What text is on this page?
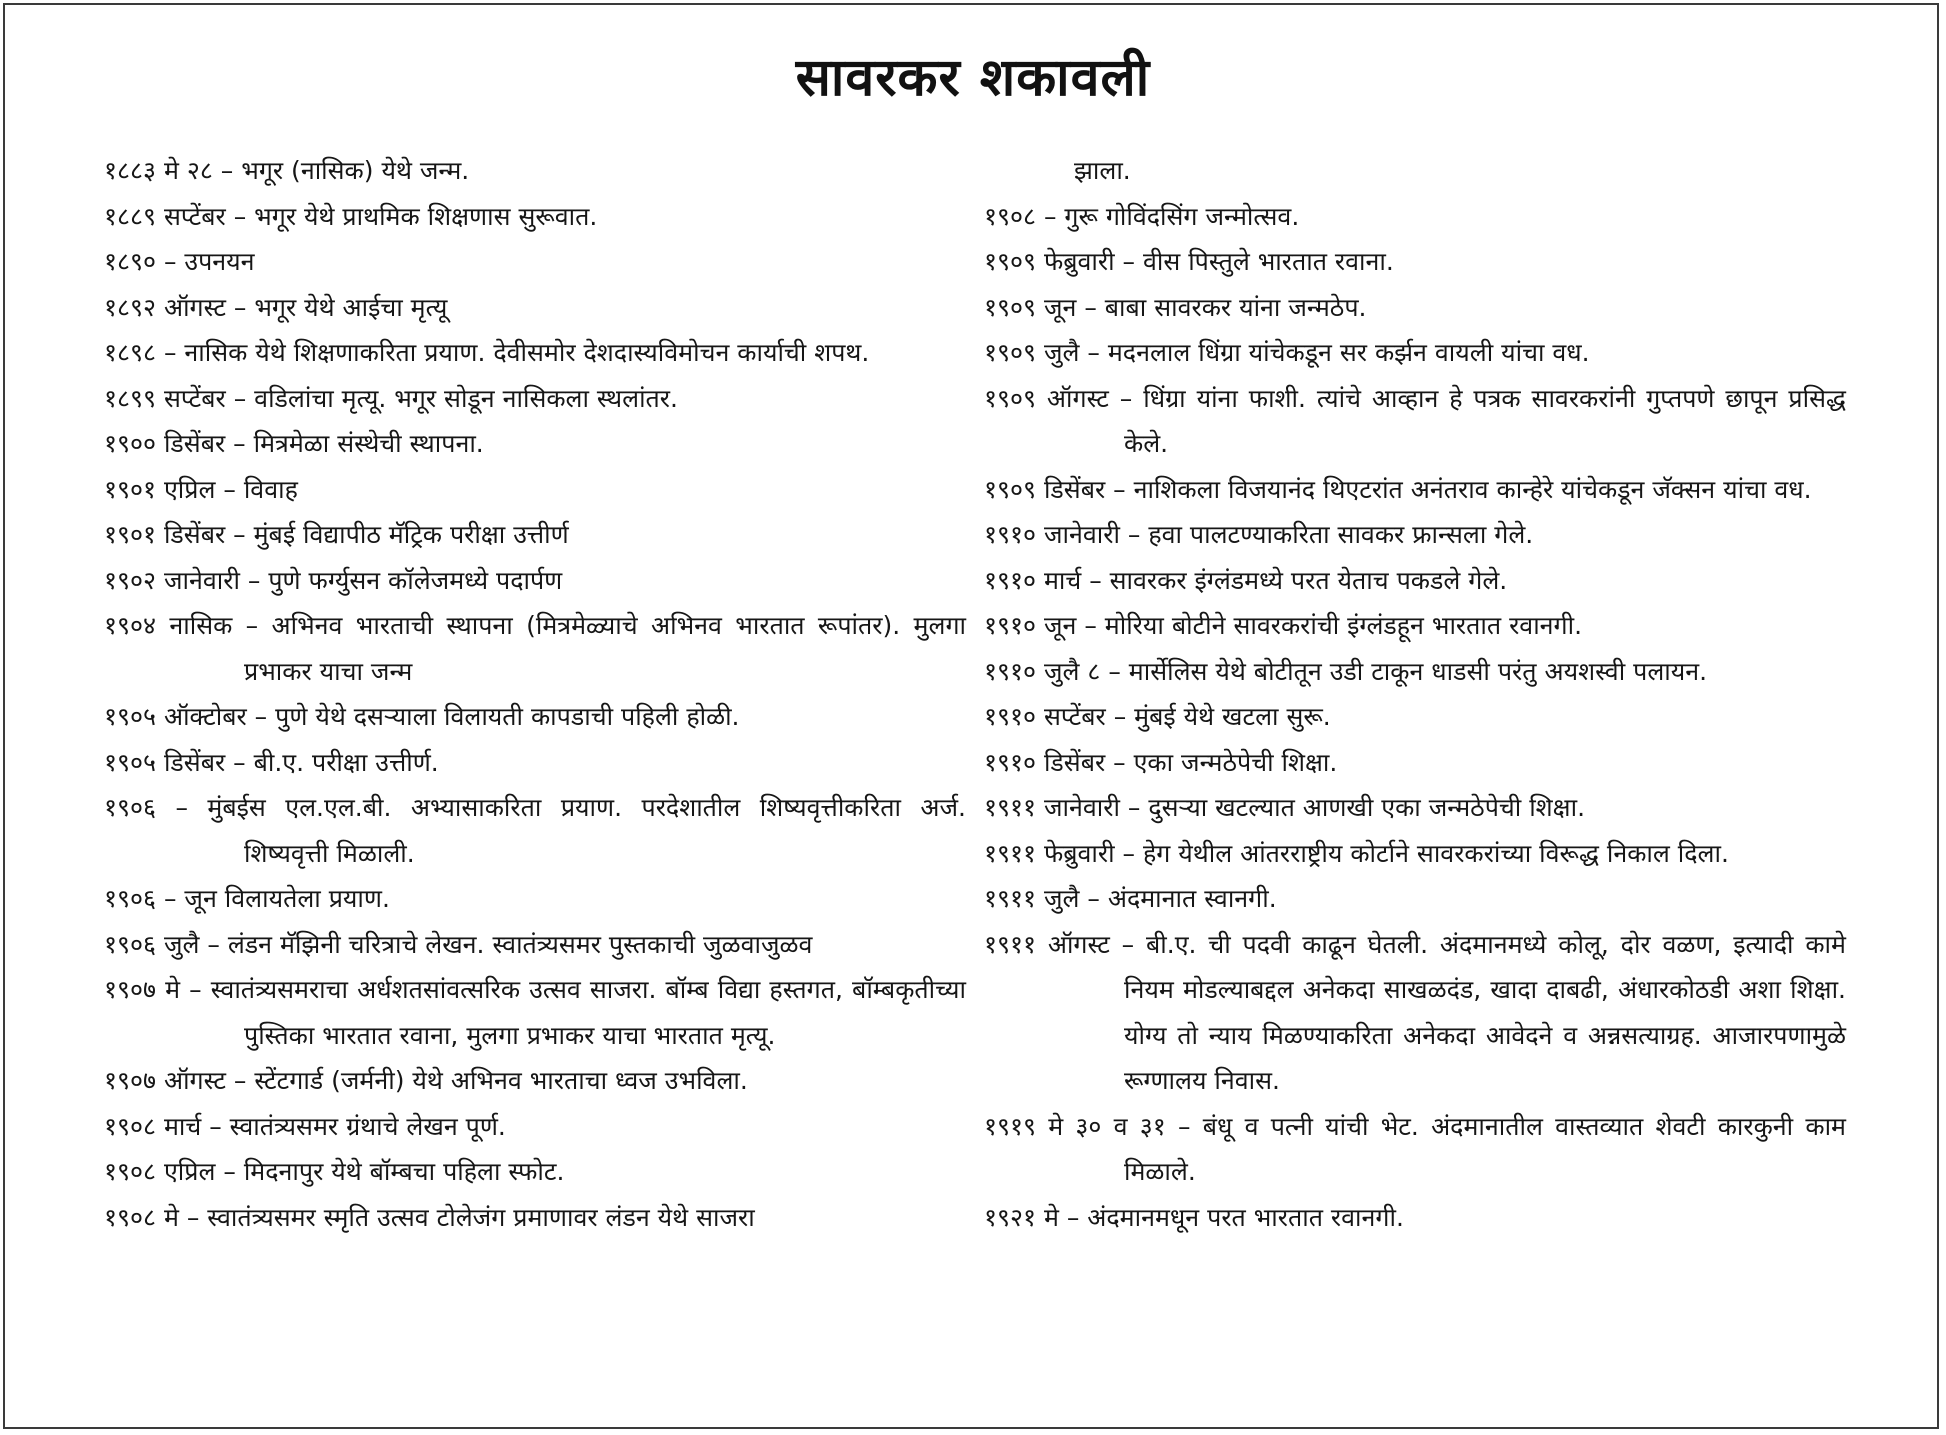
सावरकर शकावली

१८८३ मे २८ – भगूर (नासिक) येथे जन्म.

१८८९ सप्टेंबर – भगूर येथे प्राथमिक शिक्षणास सुरूवात.

१८९० – उपनयन

१८९२ ऑगस्ट – भगूर येथे आईचा मृत्यू

१८९८ – नासिक येथे शिक्षणाकरिता प्रयाण. देवीसमोर देशदास्यविमोचन कार्याची शपथ.

१८९९ सप्टेंबर – वडिलांचा मृत्यू. भगूर सोडून नासिकला स्थलांतर.

१९०० डिसेंबर – मित्रमेळा संस्थेची स्थापना.

१९०१ एप्रिल – विवाह

१९०१ डिसेंबर – मुंबई विद्यापीठ मॅट्रिक परीक्षा उत्तीर्ण

१९०२ जानेवारी – पुणे फर्ग्युसन कॉलेजमध्ये पदार्पण

१९०४ नासिक – अभिनव भारताची स्थापना (मित्रमेळ्याचे अभिनव भारतात रूपांतर). मुलगा प्रभाकर याचा जन्म

१९०५ ऑक्टोबर – पुणे येथे दसऱ्याला विलायती कापडाची पहिली होळी.

१९०५ डिसेंबर – बी.ए. परीक्षा उत्तीर्ण.

१९०६ – मुंबईस एल.एल.बी. अभ्यासाकरिता प्रयाण. परदेशातील शिष्यवृत्तीकरिता अर्ज. शिष्यवृत्ती मिळाली.

१९०६ – जून विलायतेला प्रयाण.

१९०६ जुलै – लंडन मॅझिनी चरित्राचे लेखन. स्वातंत्र्यसमर पुस्तकाची जुळवाजुळव

१९०७ मे – स्वातंत्र्यसमराचा अर्धशतसांवत्सरिक उत्सव साजरा. बॉम्ब विद्या हस्तगत, बॉम्बकृतीच्या पुस्तिका भारतात रवाना, मुलगा प्रभाकर याचा भारतात मृत्यू.

१९०७ ऑगस्ट – स्टेंटगार्ड (जर्मनी) येथे अभिनव भारताचा ध्वज उभविला.

१९०८ मार्च – स्वातंत्र्यसमर ग्रंथाचे लेखन पूर्ण.

१९०८ एप्रिल – मिदनापुर येथे बॉम्बचा पहिला स्फोट.

१९०८ मे – स्वातंत्र्यसमर स्मृति उत्सव टोलेजंग प्रमाणावर लंडन येथे साजरा

झाला.

१९०८ – गुरू गोविंदसिंग जन्मोत्सव.

१९०९ फेब्रुवारी – वीस पिस्तुले भारतात रवाना.

१९०९ जून – बाबा सावरकर यांना जन्मठेप.

१९०९ जुलै – मदनलाल धिंग्रा यांचेकडून सर कर्झन वायली यांचा वध.

१९०९ ऑगस्ट – धिंग्रा यांना फाशी. त्यांचे आव्हान हे पत्रक सावरकरांनी गुप्तपणे छापून प्रसिद्ध केले.

१९०९ डिसेंबर – नाशिकला विजयानंद थिएटरांत अनंतराव कान्हेरे यांचेकडून जॅक्सन यांचा वध.

१९१० जानेवारी – हवा पालटण्याकरिता सावकर फ्रान्सला गेले.

१९१० मार्च – सावरकर इंग्लंडमध्ये परत येताच पकडले गेले.

१९१० जून – मोरिया बोटीने सावरकरांची इंग्लंडहून भारतात रवानगी.

१९१० जुलै ८ – मार्सेलिस येथे बोटीतून उडी टाकून धाडसी परंतु अयशस्वी पलायन.

१९१० सप्टेंबर – मुंबई येथे खटला सुरू.

१९१० डिसेंबर – एका जन्मठेपेची शिक्षा.

१९११ जानेवारी – दुसऱ्या खटल्यात आणखी एका जन्मठेपेची शिक्षा.

१९११ फेब्रुवारी – हेग येथील आंतरराष्ट्रीय कोर्टाने सावरकरांच्या विरूद्ध निकाल दिला.

१९११ जुलै – अंदमानात स्वानगी.

१९११ ऑगस्ट – बी.ए. ची पदवी काढून घेतली. अंदमानमध्ये कोलू, दोर वळण, इत्यादी कामे नियम मोडल्याबद्दल अनेकदा साखळदंड, खादा दाबढी, अंधारकोठडी अशा शिक्षा. योग्य तो न्याय मिळण्याकरिता अनेकदा आवेदने व अन्नसत्याग्रह. आजारपणामुळे रूग्णालय निवास.

१९१९ मे ३० व ३१ – बंधू व पत्नी यांची भेट. अंदमानातील वास्तव्यात शेवटी कारकुनी काम मिळाले.

१९२१ मे – अंदमानमधून परत भारतात रवानगी.
